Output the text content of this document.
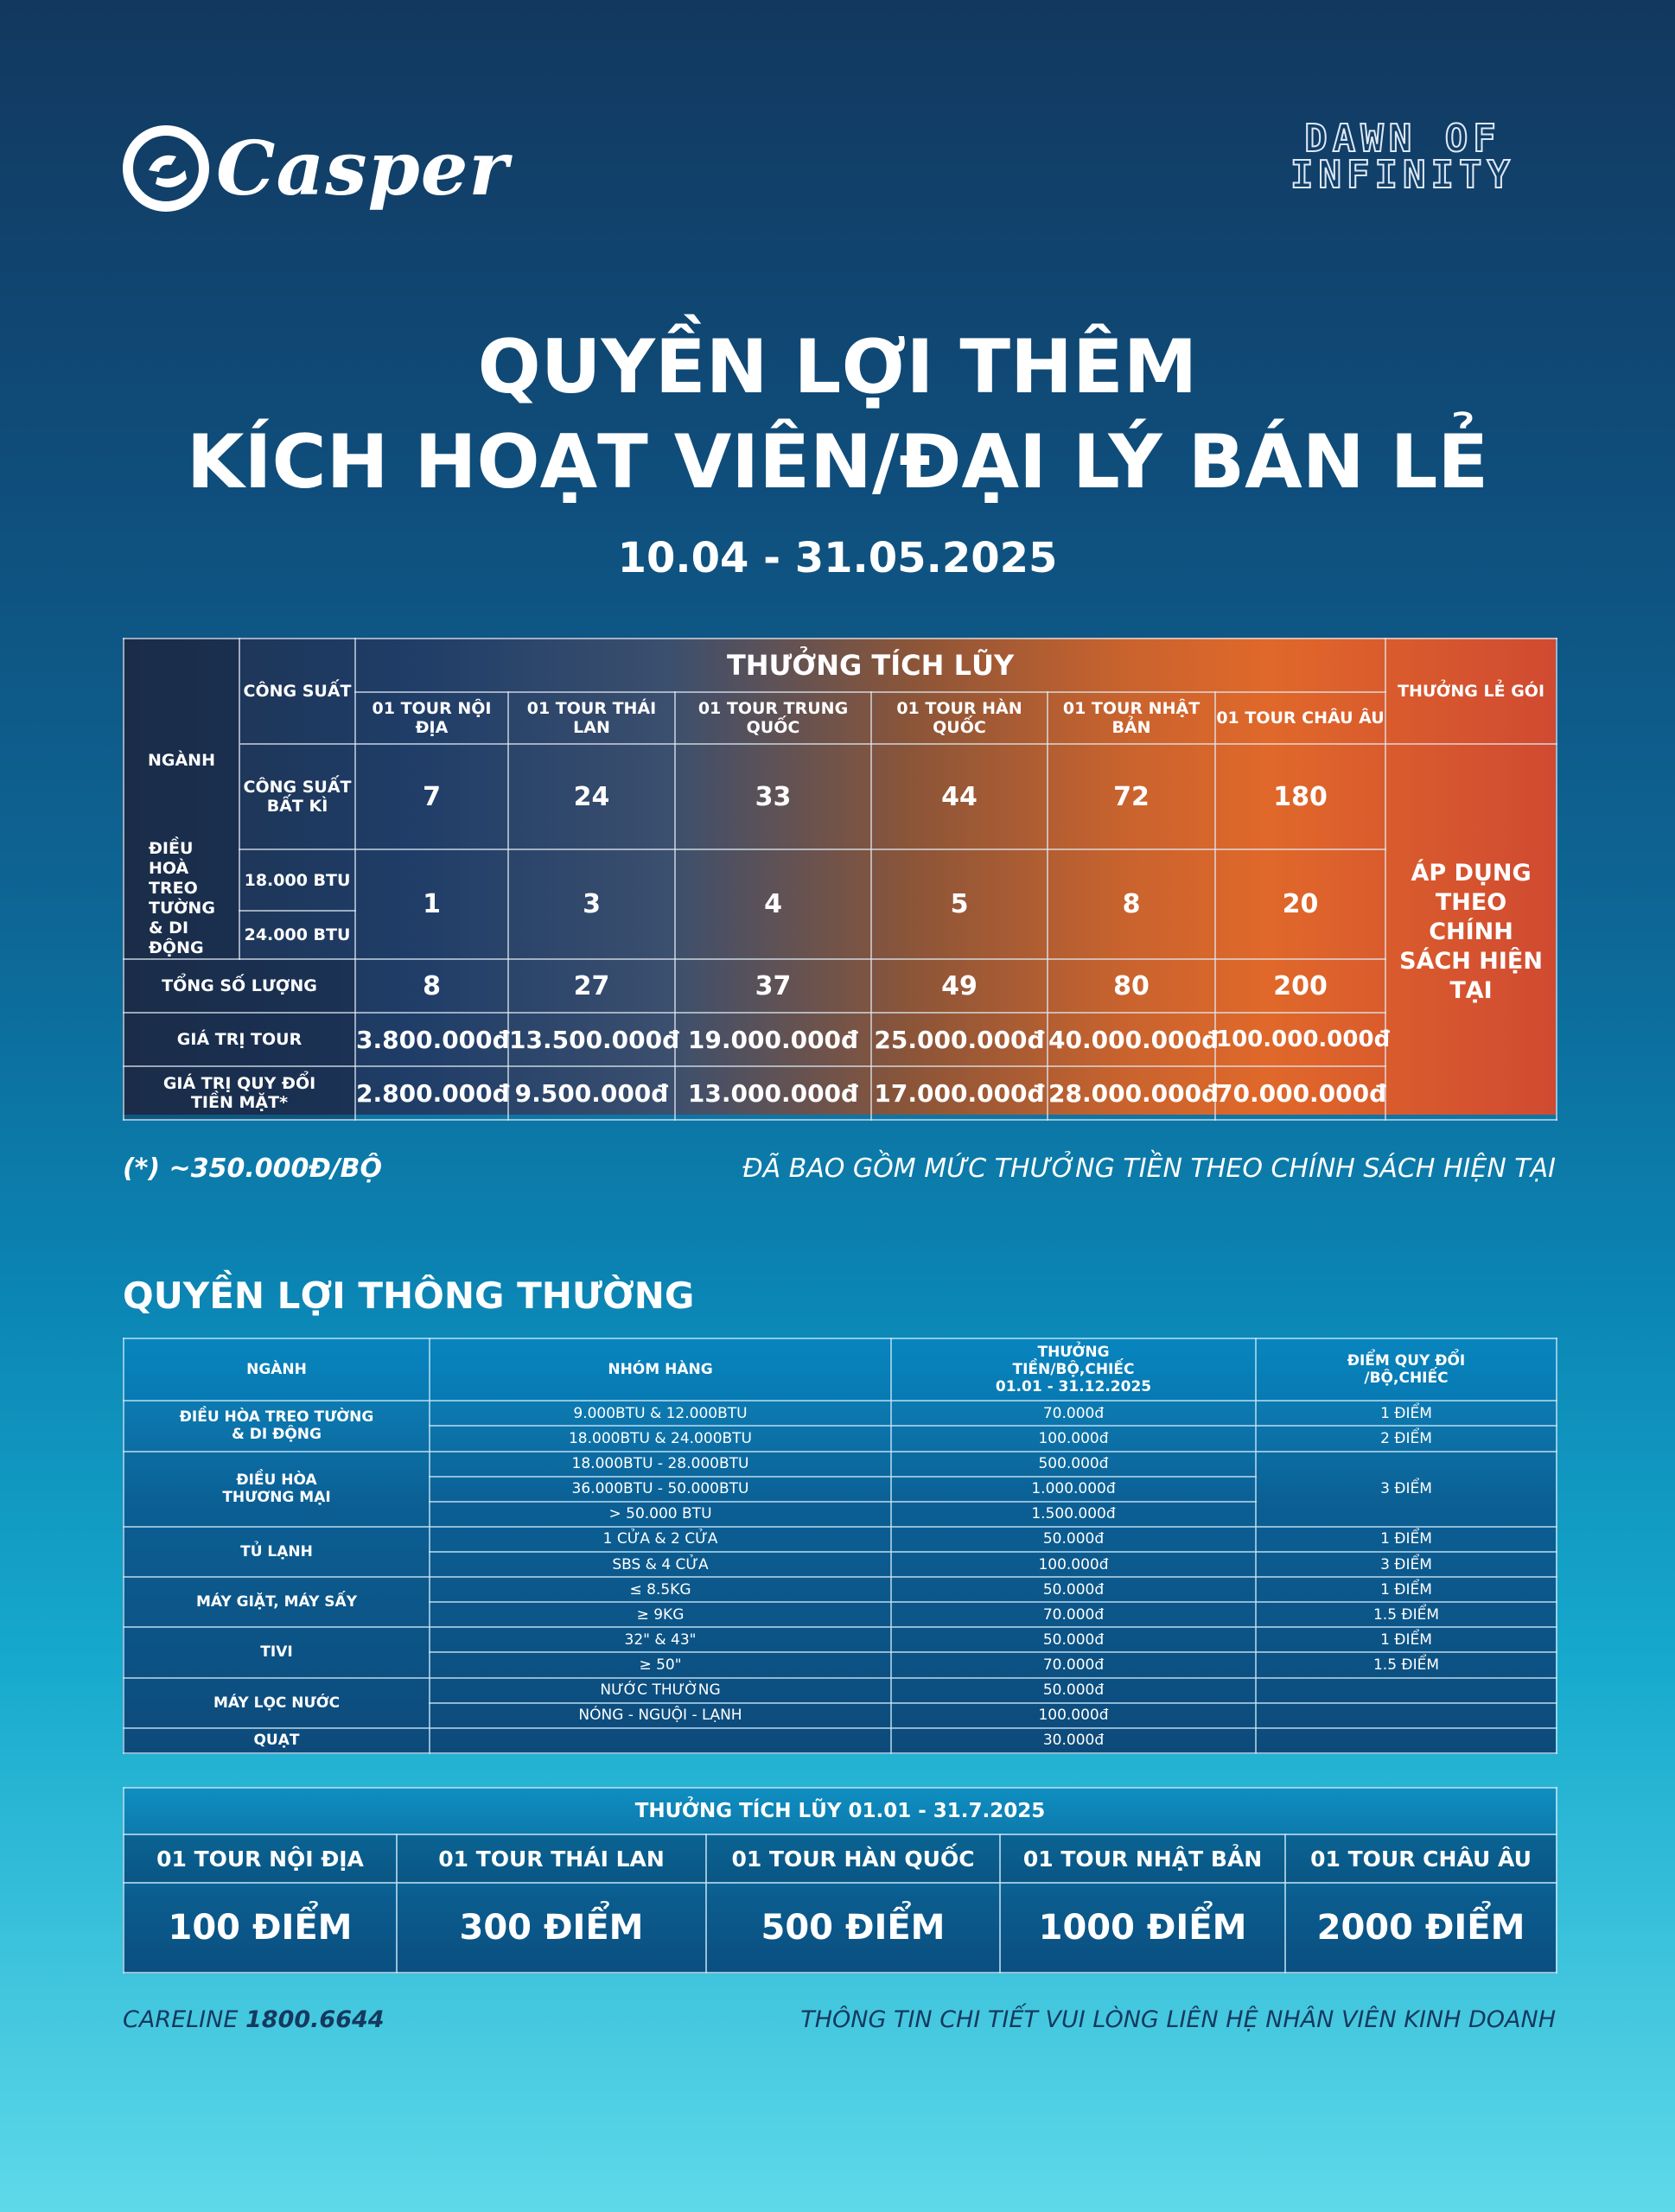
Casper	DAWN OF
INFINITY
QUYỀN LỢI THÊM
KÍCH HOẠT VIÊN/ĐẠI LÝ BÁN LẺ
10.04 - 31.05.2025
	CÔNG SUẤT	THƯỞNG TÍCH LŨY						THƯỞNG LẺ GÓI
		01 TOUR NỘI ĐỊA	01 TOUR THÁI LAN	01 TOUR TRUNG QUỐC	01 TOUR HÀN QUỐC	01 TOUR NHẬT BẢN	01 TOUR CHÂU ÂU	

NGÀNH
ĐIỀU HOÀ TREO TƯỜNG & DI ĐỘNG	CÔNG SUẤT BẤT KÌ	7	24	33	44	72	180	ÁP DỤNG THEO CHÍNH SÁCH HIỆN TẠI
	18.000 BTU	1	3	4	5	8	20	
	24.000 BTU							
TỔNG SỐ LƯỢNG		8	27	37	49	80	200	
GIÁ TRỊ TOUR		3.800.000đ	13.500.000đ	19.000.000đ	25.000.000đ	40.000.000đ	100.000.000đ	
GIÁ TRỊ QUY ĐỔI TIỀN MẶT*		2.800.000đ	9.500.000đ	13.000.000đ	17.000.000đ	28.000.000đ	70.000.000đ	
(*) ~350.000Đ/BỘ	ĐÃ BAO GỒM MỨC THƯỞNG TIỀN THEO CHÍNH SÁCH HIỆN TẠI
QUYỀN LỢI THÔNG THƯỜNG
NGÀNH	NHÓM HÀNG	THƯỞNG TIỀN/BỘ,CHIẾC 01.01 - 31.12.2025	ĐIỂM QUY ĐỔI /BỘ,CHIẾC
ĐIỀU HÒA TREO TƯỜNG & DI ĐỘNG	9.000BTU & 12.000BTU	70.000đ	1 ĐIỂM
	18.000BTU & 24.000BTU	100.000đ	2 ĐIỂM
ĐIỀU HÒA THƯƠNG MẠI	18.000BTU - 28.000BTU	500.000đ	3 ĐIỂM
	36.000BTU - 50.000BTU	1.000.000đ	
	> 50.000 BTU	1.500.000đ	
TỦ LẠNH	1 CỬA & 2 CỬA	50.000đ	1 ĐIỂM
	SBS & 4 CỬA	100.000đ	3 ĐIỂM
MÁY GIẶT, MÁY SẤY	≤ 8.5KG	50.000đ	1 ĐIỂM
	≥ 9KG	70.000đ	1.5 ĐIỂM
TIVI	32" & 43"	50.000đ	1 ĐIỂM
	≥ 50"	70.000đ	1.5 ĐIỂM
MÁY LỌC NƯỚC	NƯỚC THƯỜNG	50.000đ	
	NÓNG - NGUỘI - LẠNH	100.000đ	
QUẠT		30.000đ	
THƯỞNG TÍCH LŨY 01.01 - 31.7.2025				
01 TOUR NỘI ĐỊA	01 TOUR THÁI LAN	01 TOUR HÀN QUỐC	01 TOUR NHẬT BẢN	01 TOUR CHÂU ÂU
100 ĐIỂM	300 ĐIỂM	500 ĐIỂM	1000 ĐIỂM	2000 ĐIỂM
CARELINE 1800.6644	THÔNG TIN CHI TIẾT VUI LÒNG LIÊN HỆ NHÂN VIÊN KINH DOANH
